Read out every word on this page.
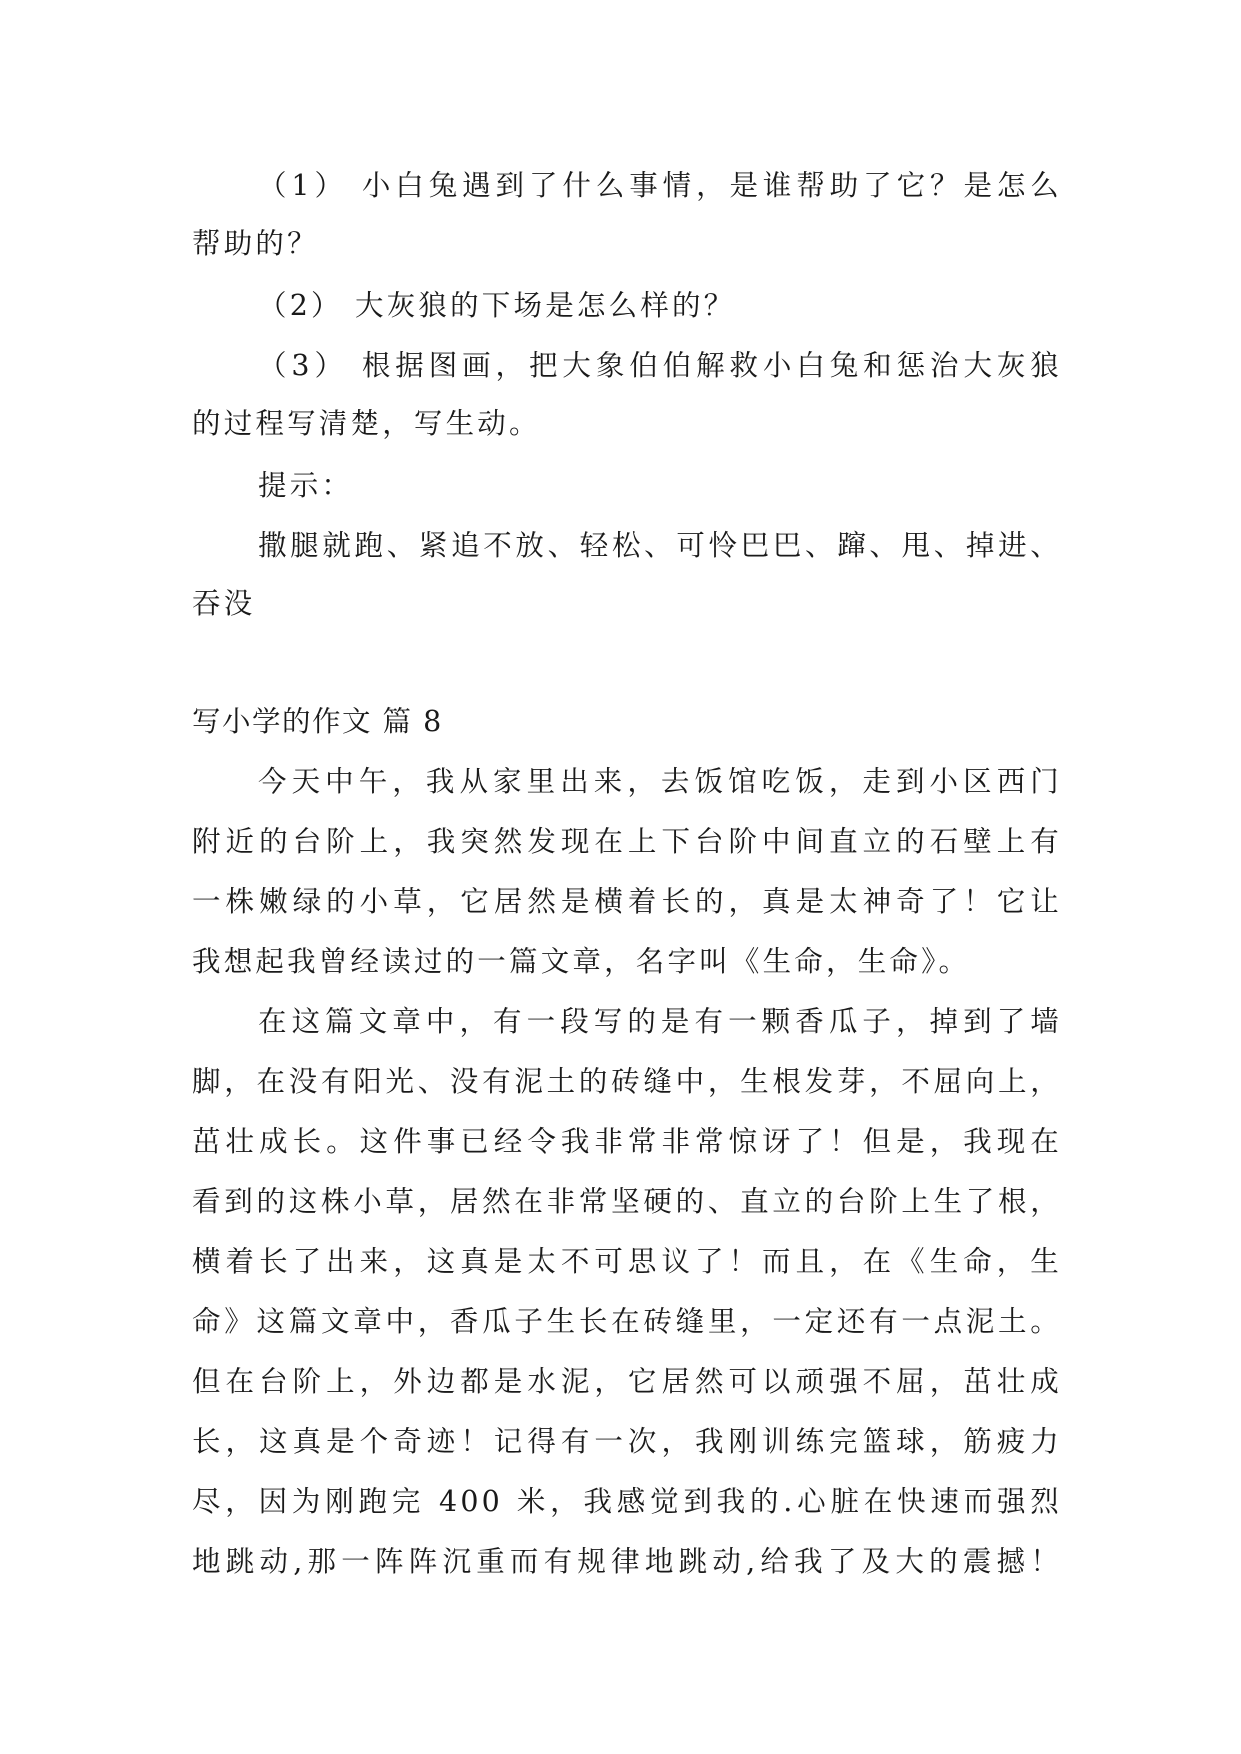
（1） 小白兔遇到了什么事情，是谁帮助了它？是怎么
帮助的？
（2） 大灰狼的下场是怎么样的？
（3） 根据图画，把大象伯伯解救小白兔和惩治大灰狼
的过程写清楚，写生动。
提示：
撒腿就跑、紧追不放、轻松、可怜巴巴、蹿、甩、掉进、
吞没
写小学的作文 篇 8
今天中午，我从家里出来，去饭馆吃饭，走到小区西门
附近的台阶上，我突然发现在上下台阶中间直立的石壁上有
一株嫩绿的小草，它居然是横着长的，真是太神奇了！它让
我想起我曾经读过的一篇文章，名字叫《生命，生命》。
在这篇文章中，有一段写的是有一颗香瓜子，掉到了墙
脚，在没有阳光、没有泥土的砖缝中，生根发芽，不屈向上，
茁壮成长。这件事已经令我非常非常惊讶了！但是，我现在
看到的这株小草，居然在非常坚硬的、直立的台阶上生了根，
横着长了出来，这真是太不可思议了！而且，在《生命，生
命》这篇文章中，香瓜子生长在砖缝里，一定还有一点泥土。
但在台阶上，外边都是水泥，它居然可以顽强不屈，茁壮成
长，这真是个奇迹！记得有一次，我刚训练完篮球，筋疲力
尽，因为刚跑完 400 米，我感觉到我的.心脏在快速而强烈
地跳动,那一阵阵沉重而有规律地跳动,给我了及大的震撼！
